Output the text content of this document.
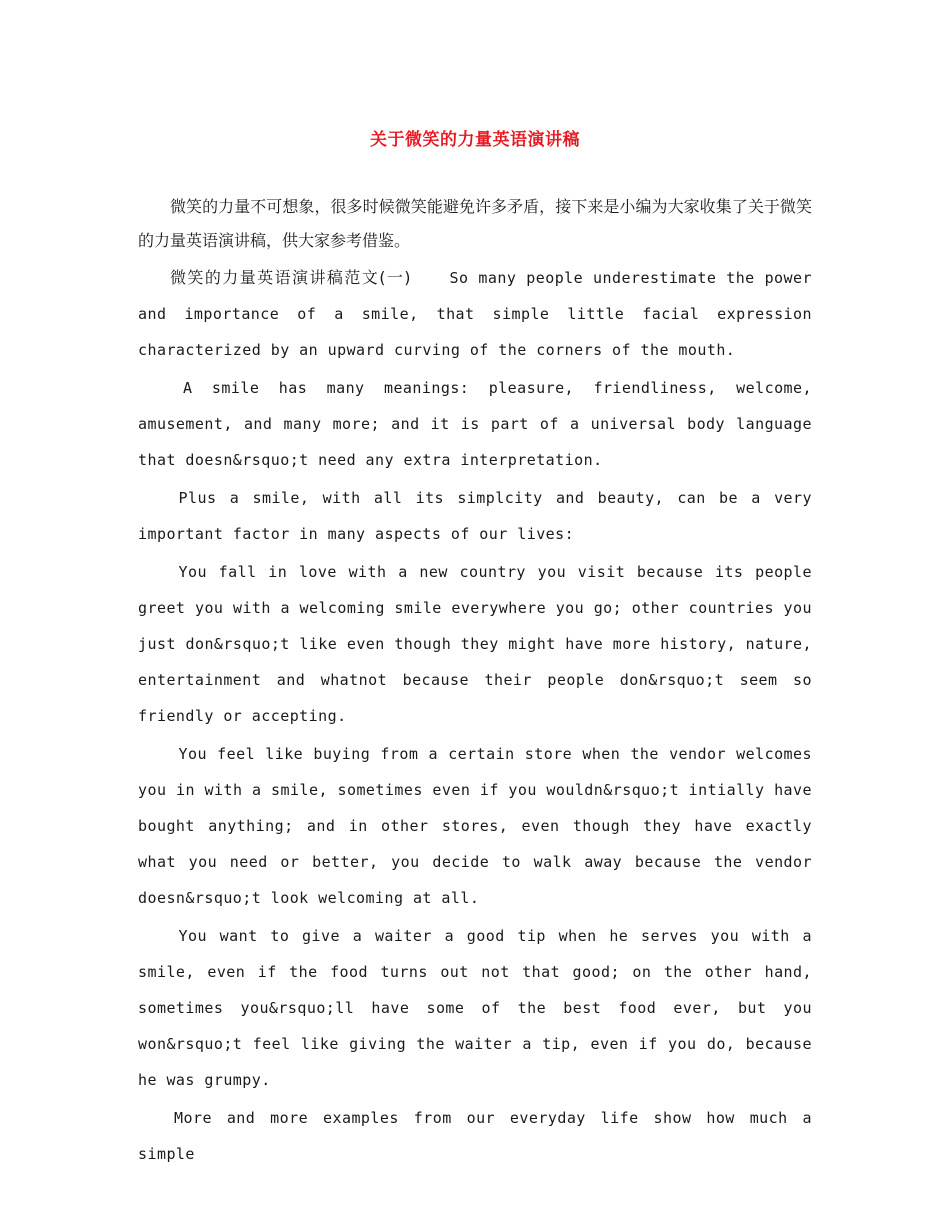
关于微笑的力量英语演讲稿

微笑的力量不可想象，很多时候微笑能避免许多矛盾，接下来是小编为大家收集了关于微笑的力量英语演讲稿，供大家参考借鉴。

微笑的力量英语演讲稿范文(一)	So many people underestimate the power and importance of a smile, that simple little facial expression characterized by an upward curving of the corners of the mouth.

A smile has many meanings: pleasure, friendliness, welcome, amusement, and many more; and it is part of a universal body language that doesn&rsquo;t need any extra interpretation.

Plus a smile, with all its simplcity and beauty, can be a very important factor in many aspects of our lives:

You fall in love with a new country you visit because its people greet you with a welcoming smile everywhere you go; other countries you just don&rsquo;t like even though they might have more history, nature, entertainment and whatnot because their people don&rsquo;t seem so friendly or accepting.

You feel like buying from a certain store when the vendor welcomes you in with a smile, sometimes even if you wouldn&rsquo;t intially have bought anything; and in other stores, even though they have exactly what you need or better, you decide to walk away because the vendor doesn&rsquo;t look welcoming at all.

You want to give a waiter a good tip when he serves you with a smile, even if the food turns out not that good; on the other hand, sometimes you&rsquo;ll have some of the best food ever, but you won&rsquo;t feel like giving the waiter a tip, even if you do, because he was grumpy.

More and more examples from our everyday life show how much a simple
